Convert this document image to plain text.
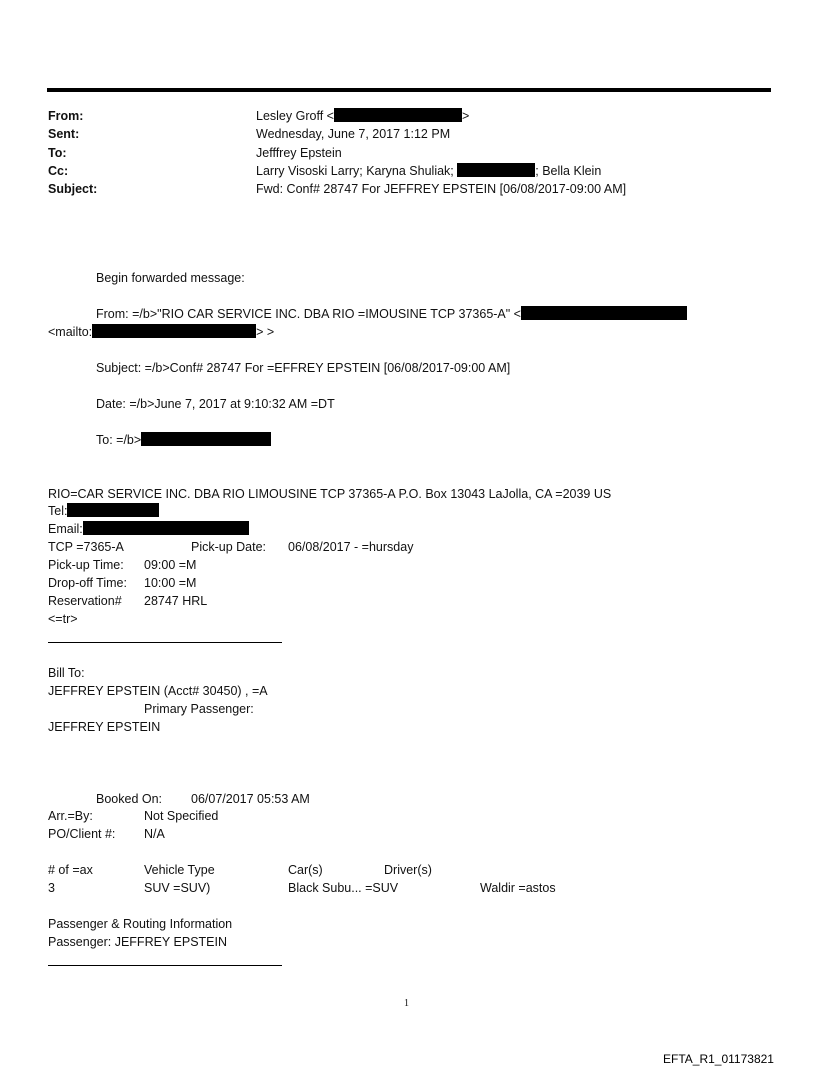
From:	Lesley Groff <	>
Sent:	Wednesday, June 7, 2017 1:12 PM
To:	Jefffrey Epstein
Cc:	Larry Visoski Larry; Karyna Shuliak;	; Bella Klein
Subject:	Fwd: Conf# 28747 For JEFFREY EPSTEIN [06/08/2017-09:00 AM]
Begin forwarded message:
From: =/b>"RIO CAR SERVICE INC. DBA RIO =IMOUSINE TCP 37365-A" <
<mailto:	> >
Subject: =/b>Conf# 28747 For =EFFREY EPSTEIN [06/08/2017-09:00 AM]
Date: =/b>June 7, 2017 at 9:10:32 AM =DT
To: =/b>
RIO=CAR SERVICE INC. DBA RIO LIMOUSINE TCP 37365-A P.O. Box 13043 LaJolla, CA =2039 US
Tel:
Email:
TCP =7365-A	Pick-up Date: 06/08/2017 - =hursday
Pick-up Time: 09:00 =M
Drop-off Time: 10:00 =M
Reservation# 28747 HRL
<=tr>
Bill To:
JEFFREY EPSTEIN (Acct# 30450) , =A
Primary Passenger:
JEFFREY EPSTEIN
Booked On: 06/07/2017 05:53 AM
Arr.=By:	Not Specified
PO/Client #: N/A
# of =ax	Vehicle Type	Car(s)	Driver(s)
3	SUV =SUV)	Black Subu... =SUV	Waldir =astos
Passenger & Routing Information
Passenger: JEFFREY EPSTEIN
1
EFTA_R1_01173821
